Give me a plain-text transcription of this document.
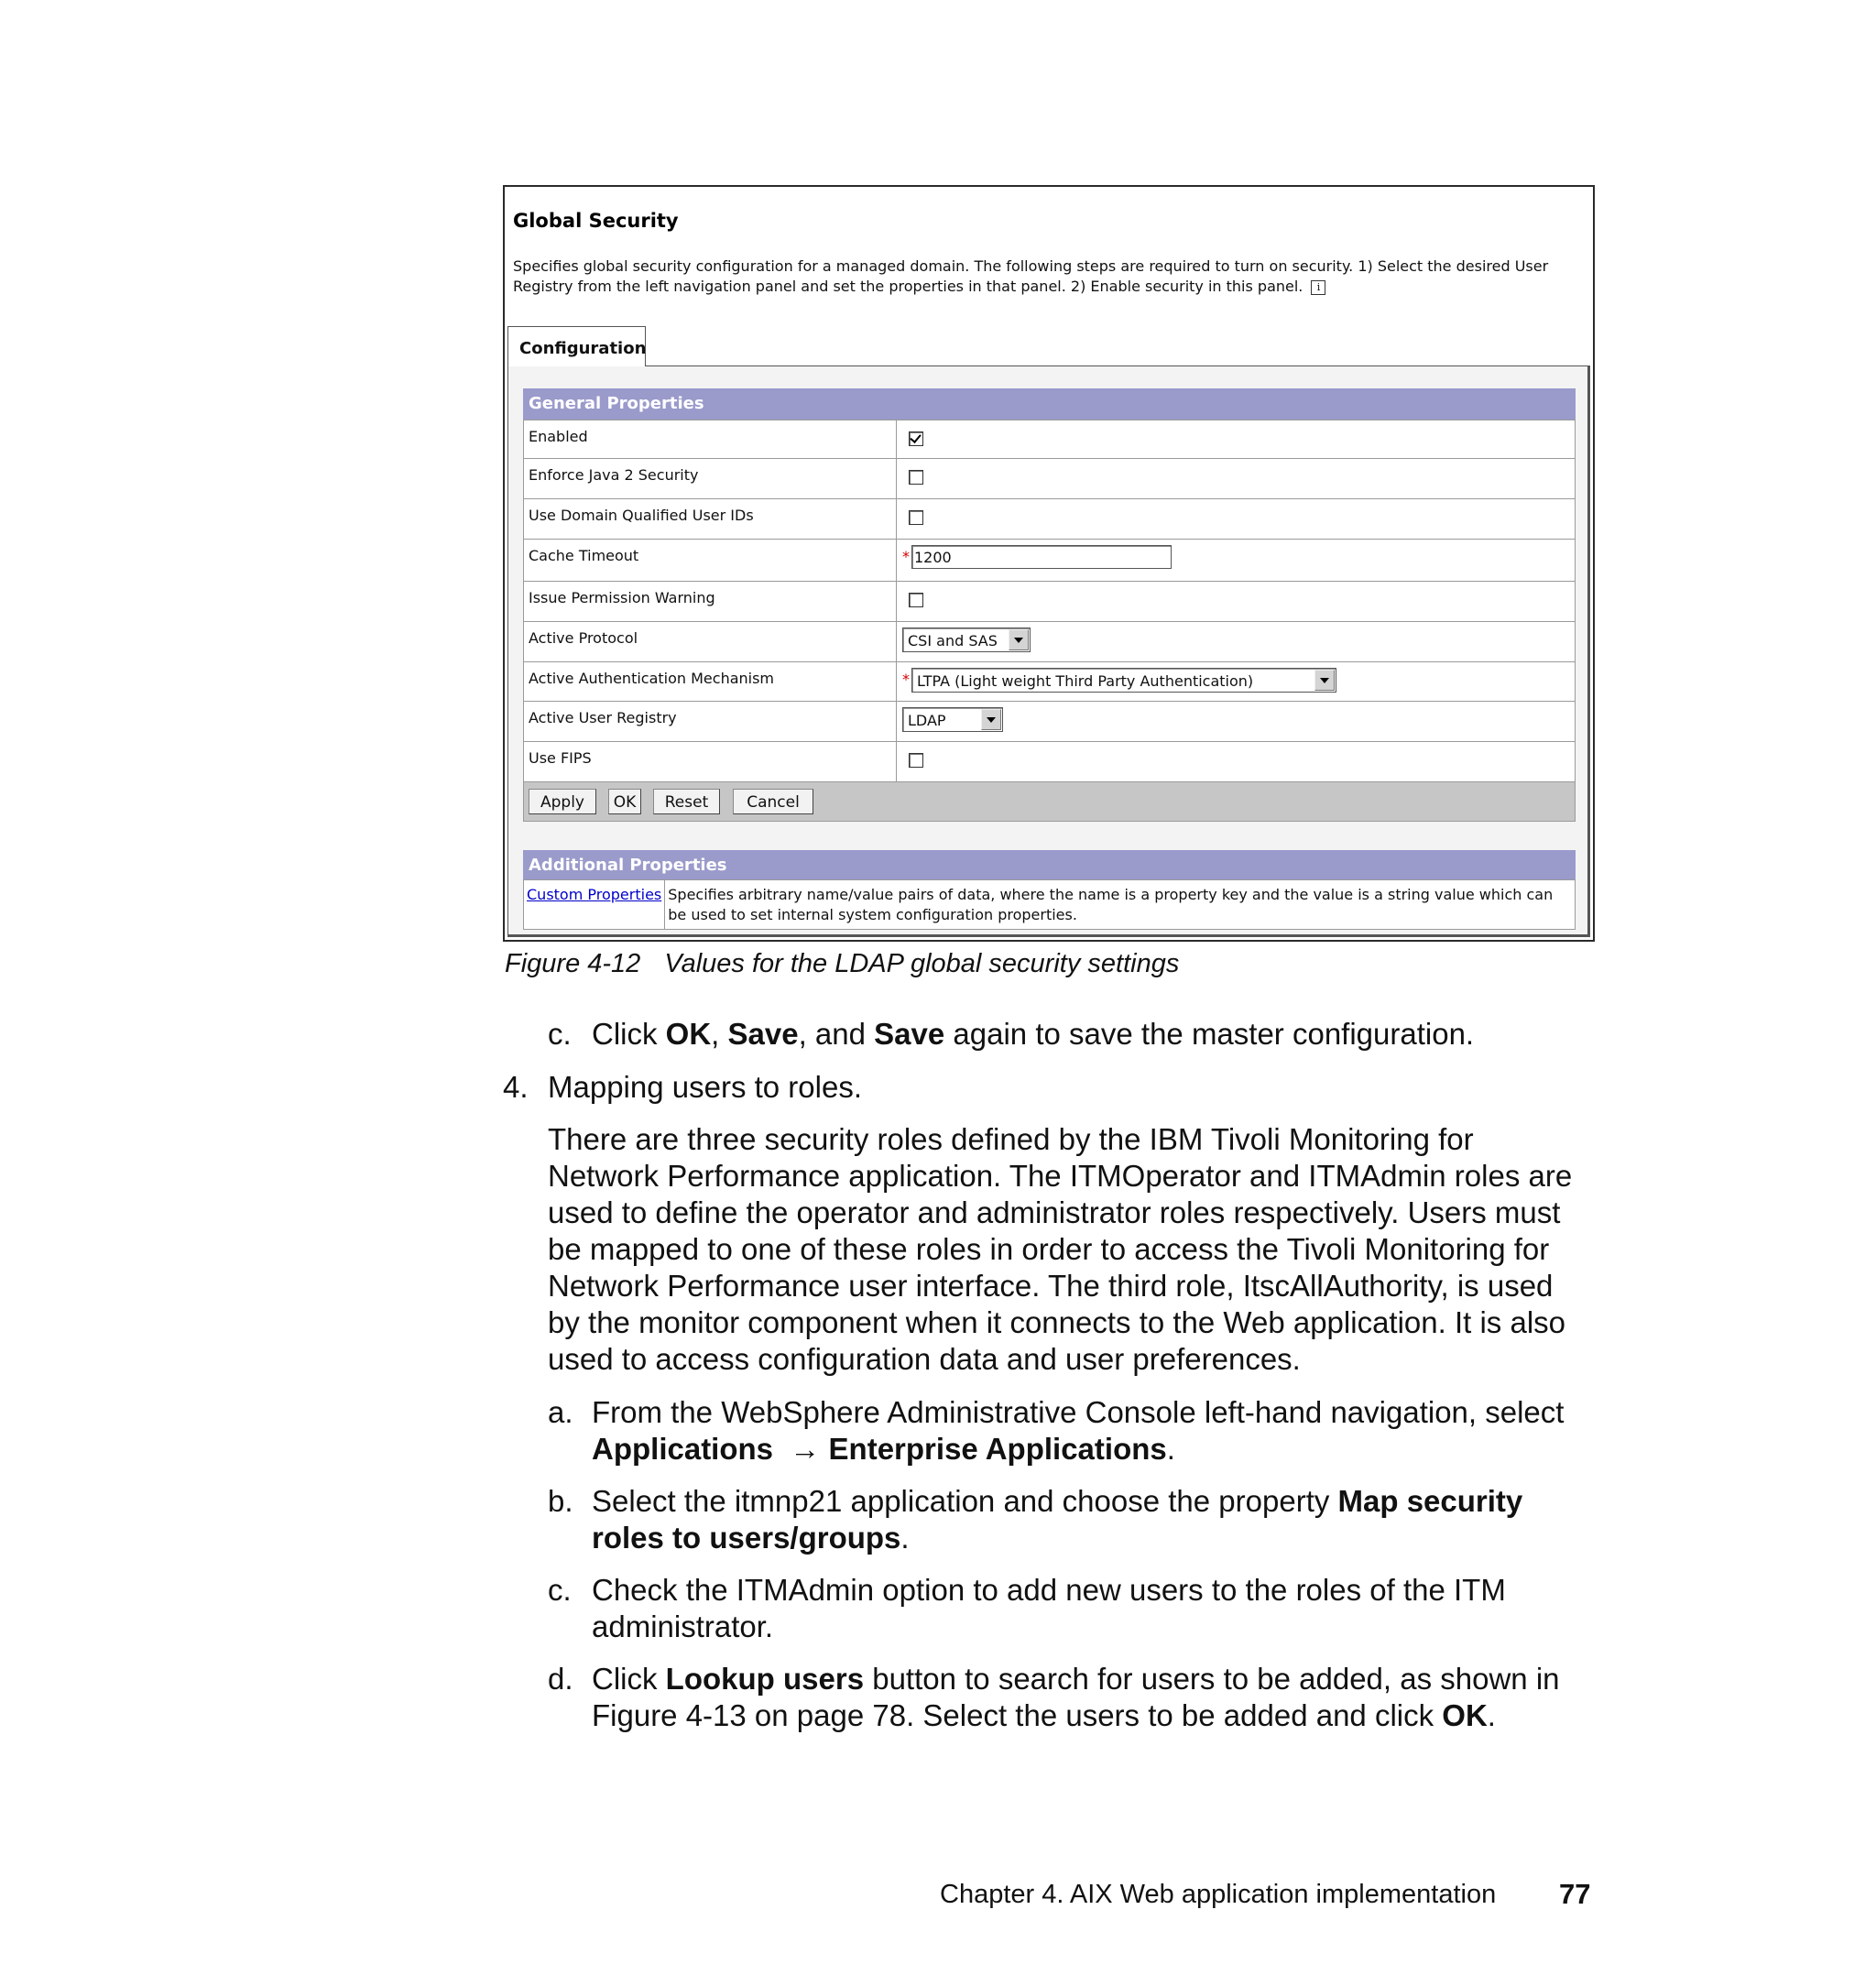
Global Security
Specifies global security configuration for a managed domain. The following steps are required to turn on security. 1) Select the desired User Registry from the left navigation panel and set the properties in that panel. 2) Enable security in this panel. i
Configuration
General Properties
Enabled	
Enforce Java 2 Security	
Use Domain Qualified User IDs	
Cache Timeout	* 1200
Issue Permission Warning	
Active Protocol	CSI and SAS

Active Authentication Mechanism	* LTPA (Light weight Third Party Authentication)

Active User Registry	LDAP

Use FIPS	
Apply	OK	Reset	Cancel
Additional Properties
Custom Properties	Specifies arbitrary name/value pairs of data, where the name is a property key and the value is a string value which can be used to set internal system configuration properties.
Figure 4-12 Values for the LDAP global security settings
c. Click OK, Save, and Save again to save the master configuration.
4. Mapping users to roles.
There are three security roles defined by the IBM Tivoli Monitoring for
Network Performance application. The ITMOperator and ITMAdmin roles are
used to define the operator and administrator roles respectively. Users must
be mapped to one of these roles in order to access the Tivoli Monitoring for
Network Performance user interface. The third role, ItscAllAuthority, is used
by the monitor component when it connects to the Web application. It is also
used to access configuration data and user preferences.
a. From the WebSphere Administrative Console left-hand navigation, select
Applications → Enterprise Applications.
b. Select the itmnp21 application and choose the property Map security
roles to users/groups.
c. Check the ITMAdmin option to add new users to the roles of the ITM
administrator.
d. Click Lookup users button to search for users to be added, as shown in
Figure 4-13 on page 78. Select the users to be added and click OK.
Chapter 4. AIX Web application implementation 77
